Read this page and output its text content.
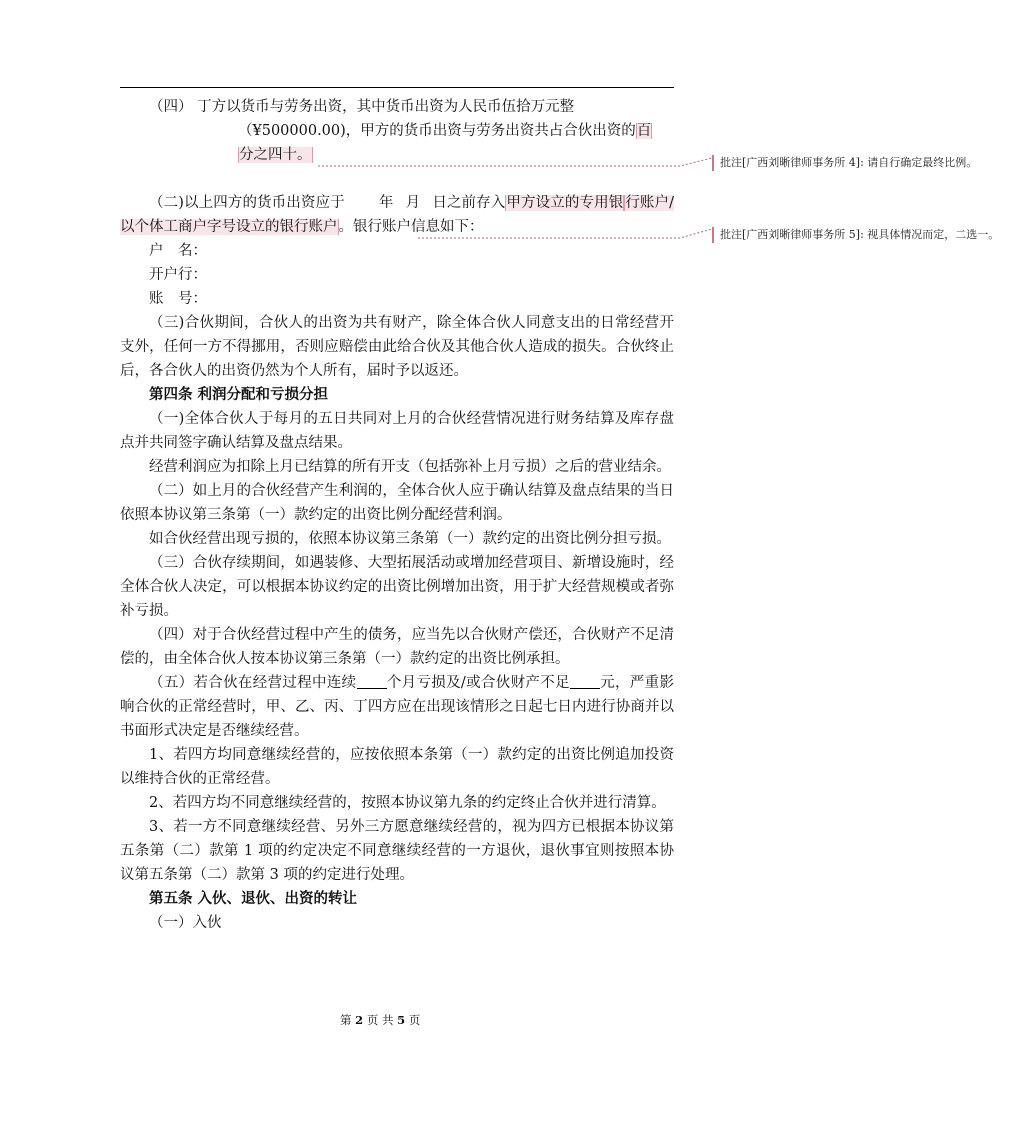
（四） 丁方以货币与劳务出资，其中货币出资为人民币伍拾万元整

（¥500000.00)，甲方的货币出资与劳务出资共占合伙出资的百

分之四十。

（二)以上四方的货币出资应于 年 月 日之前存入甲方设立的专用银 行账户/以个体工商户字号设立的银行账户。银行账户信息如下：

户　名：

开户行：

账　号：

（三)合伙期间，合伙人的出资为共有财产，除全体合伙人同意支出的日常经营开支外，任何一方不得挪用，否则应赔偿由此给合伙及其他合伙人造成的损失。合伙终止后，各合伙人的出资仍然为个人所有，届时予以返还。

第四条 利润分配和亏损分担

（一)全体合伙人于每月的五日共同对上月的合伙经营情况进行财务结算及库存盘点并共同签字确认结算及盘点结果。

经营利润应为扣除上月已结算的所有开支（包括弥补上月亏损）之后的营业结余。

（二）如上月的合伙经营产生利润的，全体合伙人应于确认结算及盘点结果的当日依照本协议第三条第（一）款约定的出资比例分配经营利润。

如合伙经营出现亏损的，依照本协议第三条第（一）款约定的出资比例分担亏损。

（三）合伙存续期间，如遇装修、大型拓展活动或增加经营项目、新增设施时，经全体合伙人决定，可以根据本协议约定的出资比例增加出资，用于扩大经营规模或者弥补亏损。

（四）对于合伙经营过程中产生的债务，应当先以合伙财产偿还，合伙财产不足清偿的，由全体合伙人按本协议第三条第（一）款约定的出资比例承担。

（五）若合伙在经营过程中连续 个月亏损及/或合伙财产不足 元，严重影响合伙的正常经营时，甲、乙、丙、丁四方应在出现该情形之日起七日内进行协商并以书面形式决定是否继续经营。

1、若四方均同意继续经营的，应按依照本条第（一）款约定的出资比例追加投资以维持合伙的正常经营。

2、若四方均不同意继续经营的，按照本协议第九条的约定终止合伙并进行清算。

3、若一方不同意继续经营、另外三方愿意继续经营的，视为四方已根据本协议第五条第（二）款第 1 项的约定决定不同意继续经营的一方退伙，退伙事宜则按照本协议第五条第（二）款第 3 项的约定进行处理。

第五条 入伙、退伙、出资的转让

（一）入伙

批注[广西刘晰律师事务所 4]: 请自行确定最终比例。
批注[广西刘晰律师事务所 5]: 视具体情况而定，二选一。
第 2 页 共 5 页
